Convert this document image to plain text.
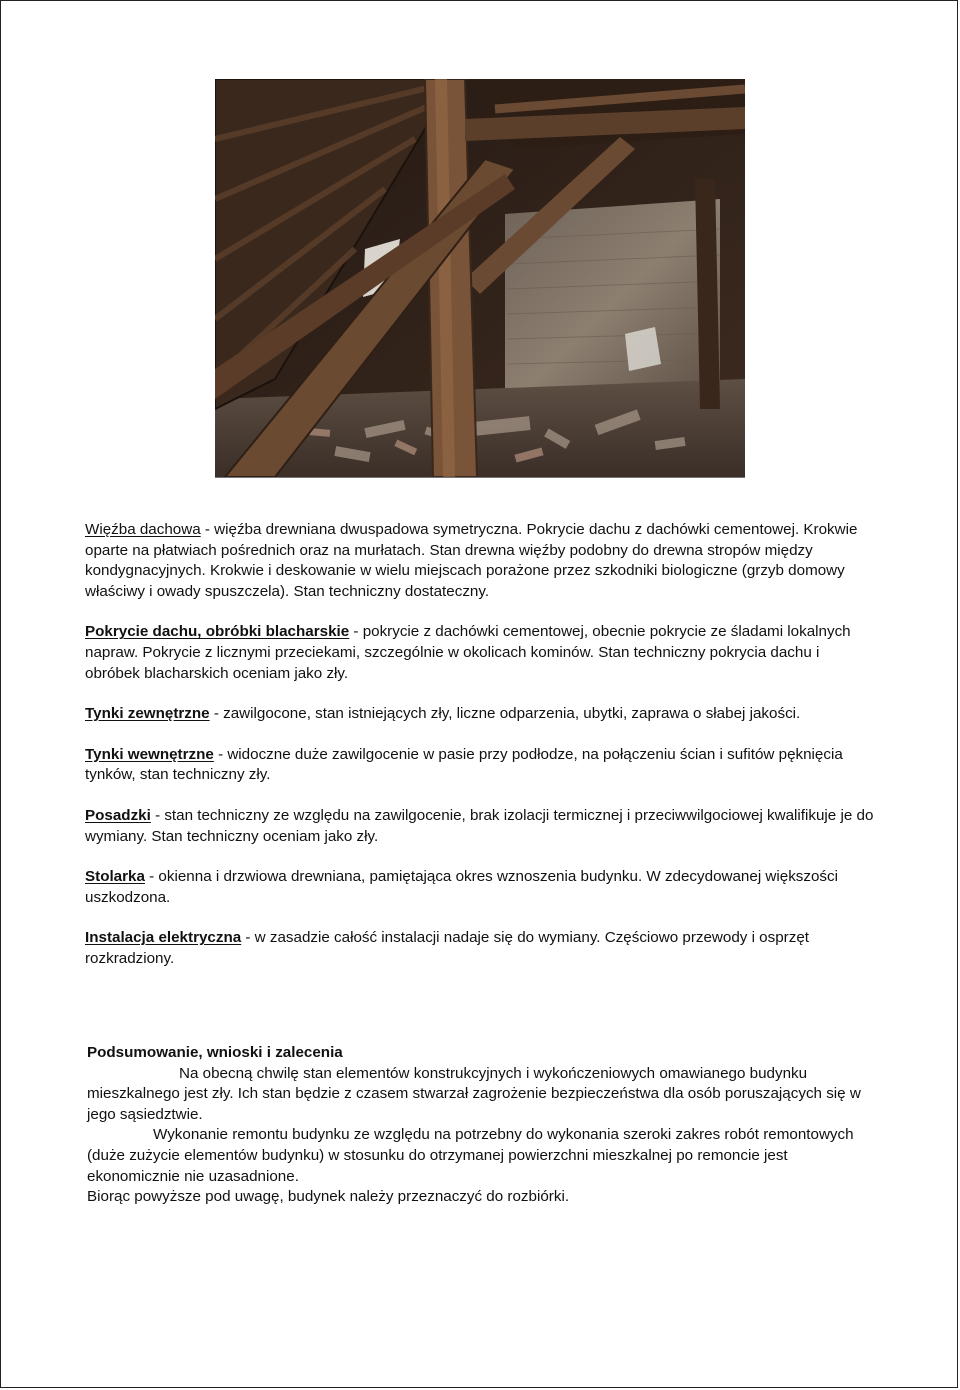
Więźba dachowa - więźba drewniana dwuspadowa symetryczna. Pokrycie dachu z dachówki cementowej. Krokwie oparte na płatwiach pośrednich oraz na murłatach. Stan drewna więźby podobny do drewna stropów między kondygnacyjnych. Krokwie i deskowanie w wielu miejscach porażone przez szkodniki biologiczne (grzyb domowy właściwy i owady spuszczela). Stan techniczny dostateczny.

Pokrycie dachu, obróbki blacharskie - pokrycie z dachówki cementowej, obecnie pokrycie ze śladami lokalnych napraw. Pokrycie z licznymi przeciekami, szczególnie w okolicach kominów. Stan techniczny pokrycia dachu i obróbek blacharskich oceniam jako zły.

Tynki zewnętrzne - zawilgocone, stan istniejących zły, liczne odparzenia, ubytki, zaprawa o słabej jakości.

Tynki wewnętrzne - widoczne duże zawilgocenie w pasie przy podłodze, na połączeniu ścian i sufitów pęknięcia tynków, stan techniczny zły.

Posadzki - stan techniczny ze względu na zawilgocenie, brak izolacji termicznej i przeciwwilgociowej kwalifikuje je do wymiany. Stan techniczny oceniam jako zły.

Stolarka - okienna i drzwiowa drewniana, pamiętająca okres wznoszenia budynku. W zdecydowanej większości uszkodzona.

Instalacja elektryczna - w zasadzie całość instalacji nadaje się do wymiany. Częściowo przewody i osprzęt rozkradziony.

Podsumowanie, wnioski i zalecenia

Na obecną chwilę stan elementów konstrukcyjnych i wykończeniowych omawianego budynku mieszkalnego jest zły. Ich stan będzie z czasem stwarzał zagrożenie bezpieczeństwa dla osób poruszających się w jego sąsiedztwie.

Wykonanie remontu budynku ze względu na potrzebny do wykonania szeroki zakres robót remontowych (duże zużycie elementów budynku) w stosunku do otrzymanej powierzchni mieszkalnej po remoncie jest ekonomicznie nie uzasadnione.

Biorąc powyższe pod uwagę, budynek należy przeznaczyć do rozbiórki.
